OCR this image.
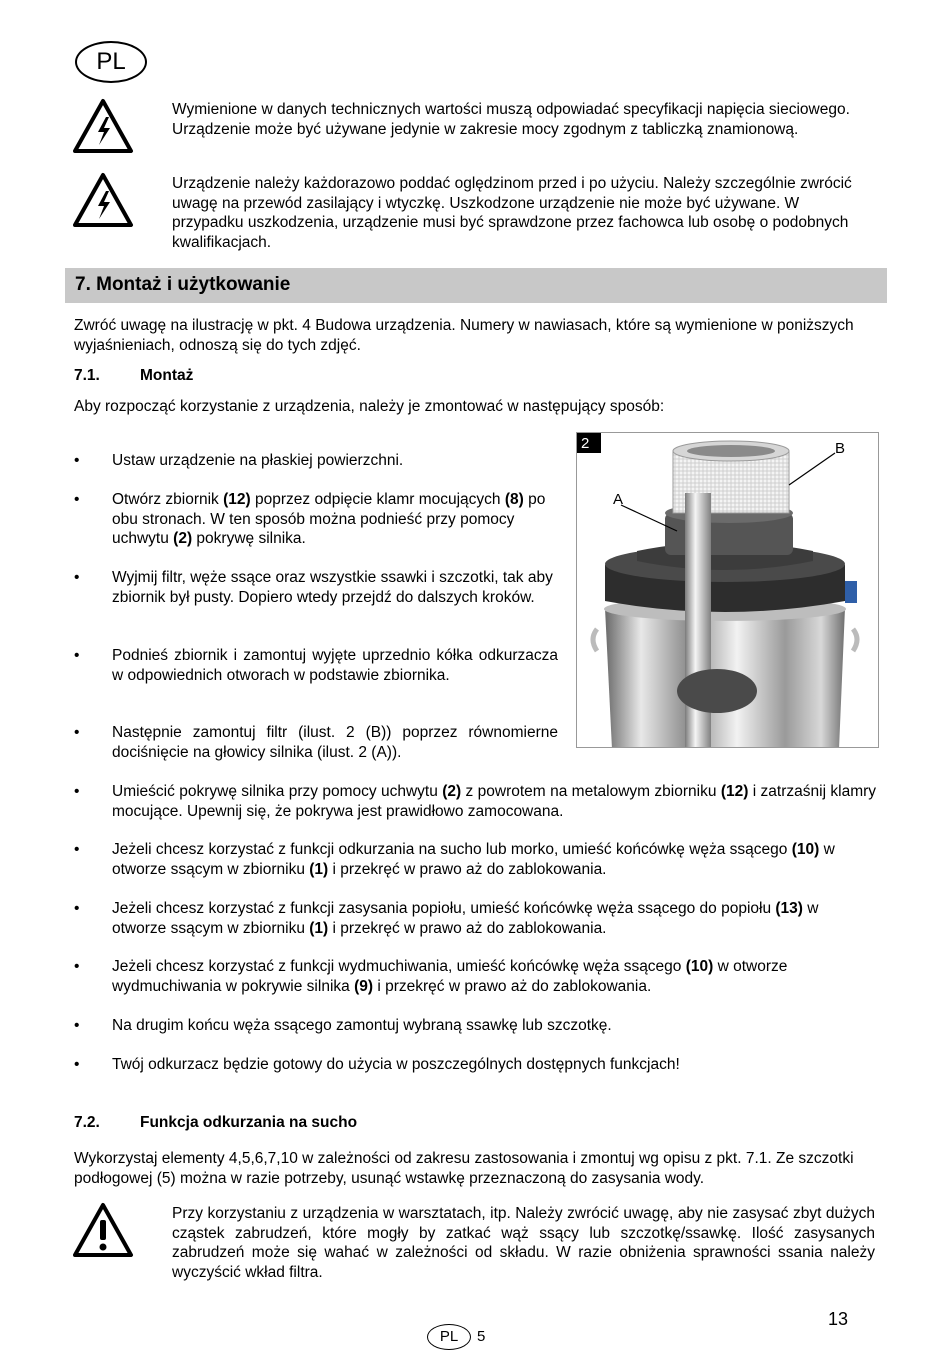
PL
Wymienione w danych technicznych wartości muszą odpowiadać specyfikacji napięcia sieciowego. Urządzenie może być używane jedynie w zakresie mocy zgodnym z tabliczką znamionową.
Urządzenie należy każdorazowo poddać oględzinom przed i po użyciu. Należy szczególnie zwrócić uwagę na przewód zasilający i wtyczkę. Uszkodzone urządzenie nie może być używane. W przypadku uszkodzenia, urządzenie musi być sprawdzone przez fachowca lub osobę o podobnych kwalifikacjach.
7. Montaż i użytkowanie
Zwróć uwagę na ilustrację w pkt. 4 Budowa urządzenia. Numery w nawiasach, które są wymienione w poniższych wyjaśnieniach, odnoszą się do tych zdjęć.
7.1.	Montaż
Aby rozpocząć korzystanie z urządzenia, należy je zmontować w następujący sposób:
•	Ustaw urządzenie na płaskiej powierzchni.
•	Otwórz zbiornik (12) poprzez odpięcie klamr mocujących (8) po obu stronach. W ten sposób można podnieść przy pomocy uchwytu (2) pokrywę silnika.
•	Wyjmij filtr, węże ssące oraz wszystkie ssawki i szczotki, tak aby zbiornik był pusty. Dopiero wtedy przejdź do dalszych kroków.
•	Podnieś zbiornik i zamontuj wyjęte uprzednio kółka odkurzacza w odpowiednich otworach w podstawie zbiornika.
•	Następnie zamontuj filtr (ilust. 2 (B)) poprzez równomierne dociśnięcie na głowicy silnika (ilust. 2 (A)).
•	Umieścić pokrywę silnika przy pomocy uchwytu (2) z powrotem na metalowym zbiorniku (12) i zatrzaśnij klamry mocujące. Upewnij się, że pokrywa jest prawidłowo zamocowana.
•	Jeżeli chcesz korzystać z funkcji odkurzania na sucho lub morko, umieść końcówkę węża ssącego (10) w otworze ssącym w zbiorniku (1) i przekręć w prawo aż do zablokowania.
•	Jeżeli chcesz korzystać z funkcji zasysania popiołu, umieść końcówkę węża ssącego do popiołu (13) w otworze ssącym w zbiorniku (1) i przekręć w prawo aż do zablokowania.
•	Jeżeli chcesz korzystać z funkcji wydmuchiwania, umieść końcówkę węża ssącego (10) w otworze wydmuchiwania w pokrywie silnika (9) i przekręć w prawo aż do zablokowania.
•	Na drugim końcu węża ssącego zamontuj wybraną ssawkę lub szczotkę.
•	Twój odkurzacz będzie gotowy do użycia w poszczególnych dostępnych funkcjach!
2
A
B
7.2.	Funkcja odkurzania na sucho
Wykorzystaj elementy 4,5,6,7,10 w zależności od zakresu zastosowania i zmontuj wg opisu z pkt. 7.1. Ze szczotki podłogowej (5) można w razie potrzeby, usunąć wstawkę przeznaczoną do zasysania wody.
Przy korzystaniu z urządzenia w warsztatach, itp. Należy zwrócić uwagę, aby nie zasysać zbyt dużych cząstek zabrudzeń, które mogły by zatkać wąż ssący lub szczotkę/ssawkę. Ilość zasysanych zabrudzeń może się wahać w zależności od składu. W razie obniżenia sprawności ssania należy wyczyścić wkład filtra.
13
PL 5
